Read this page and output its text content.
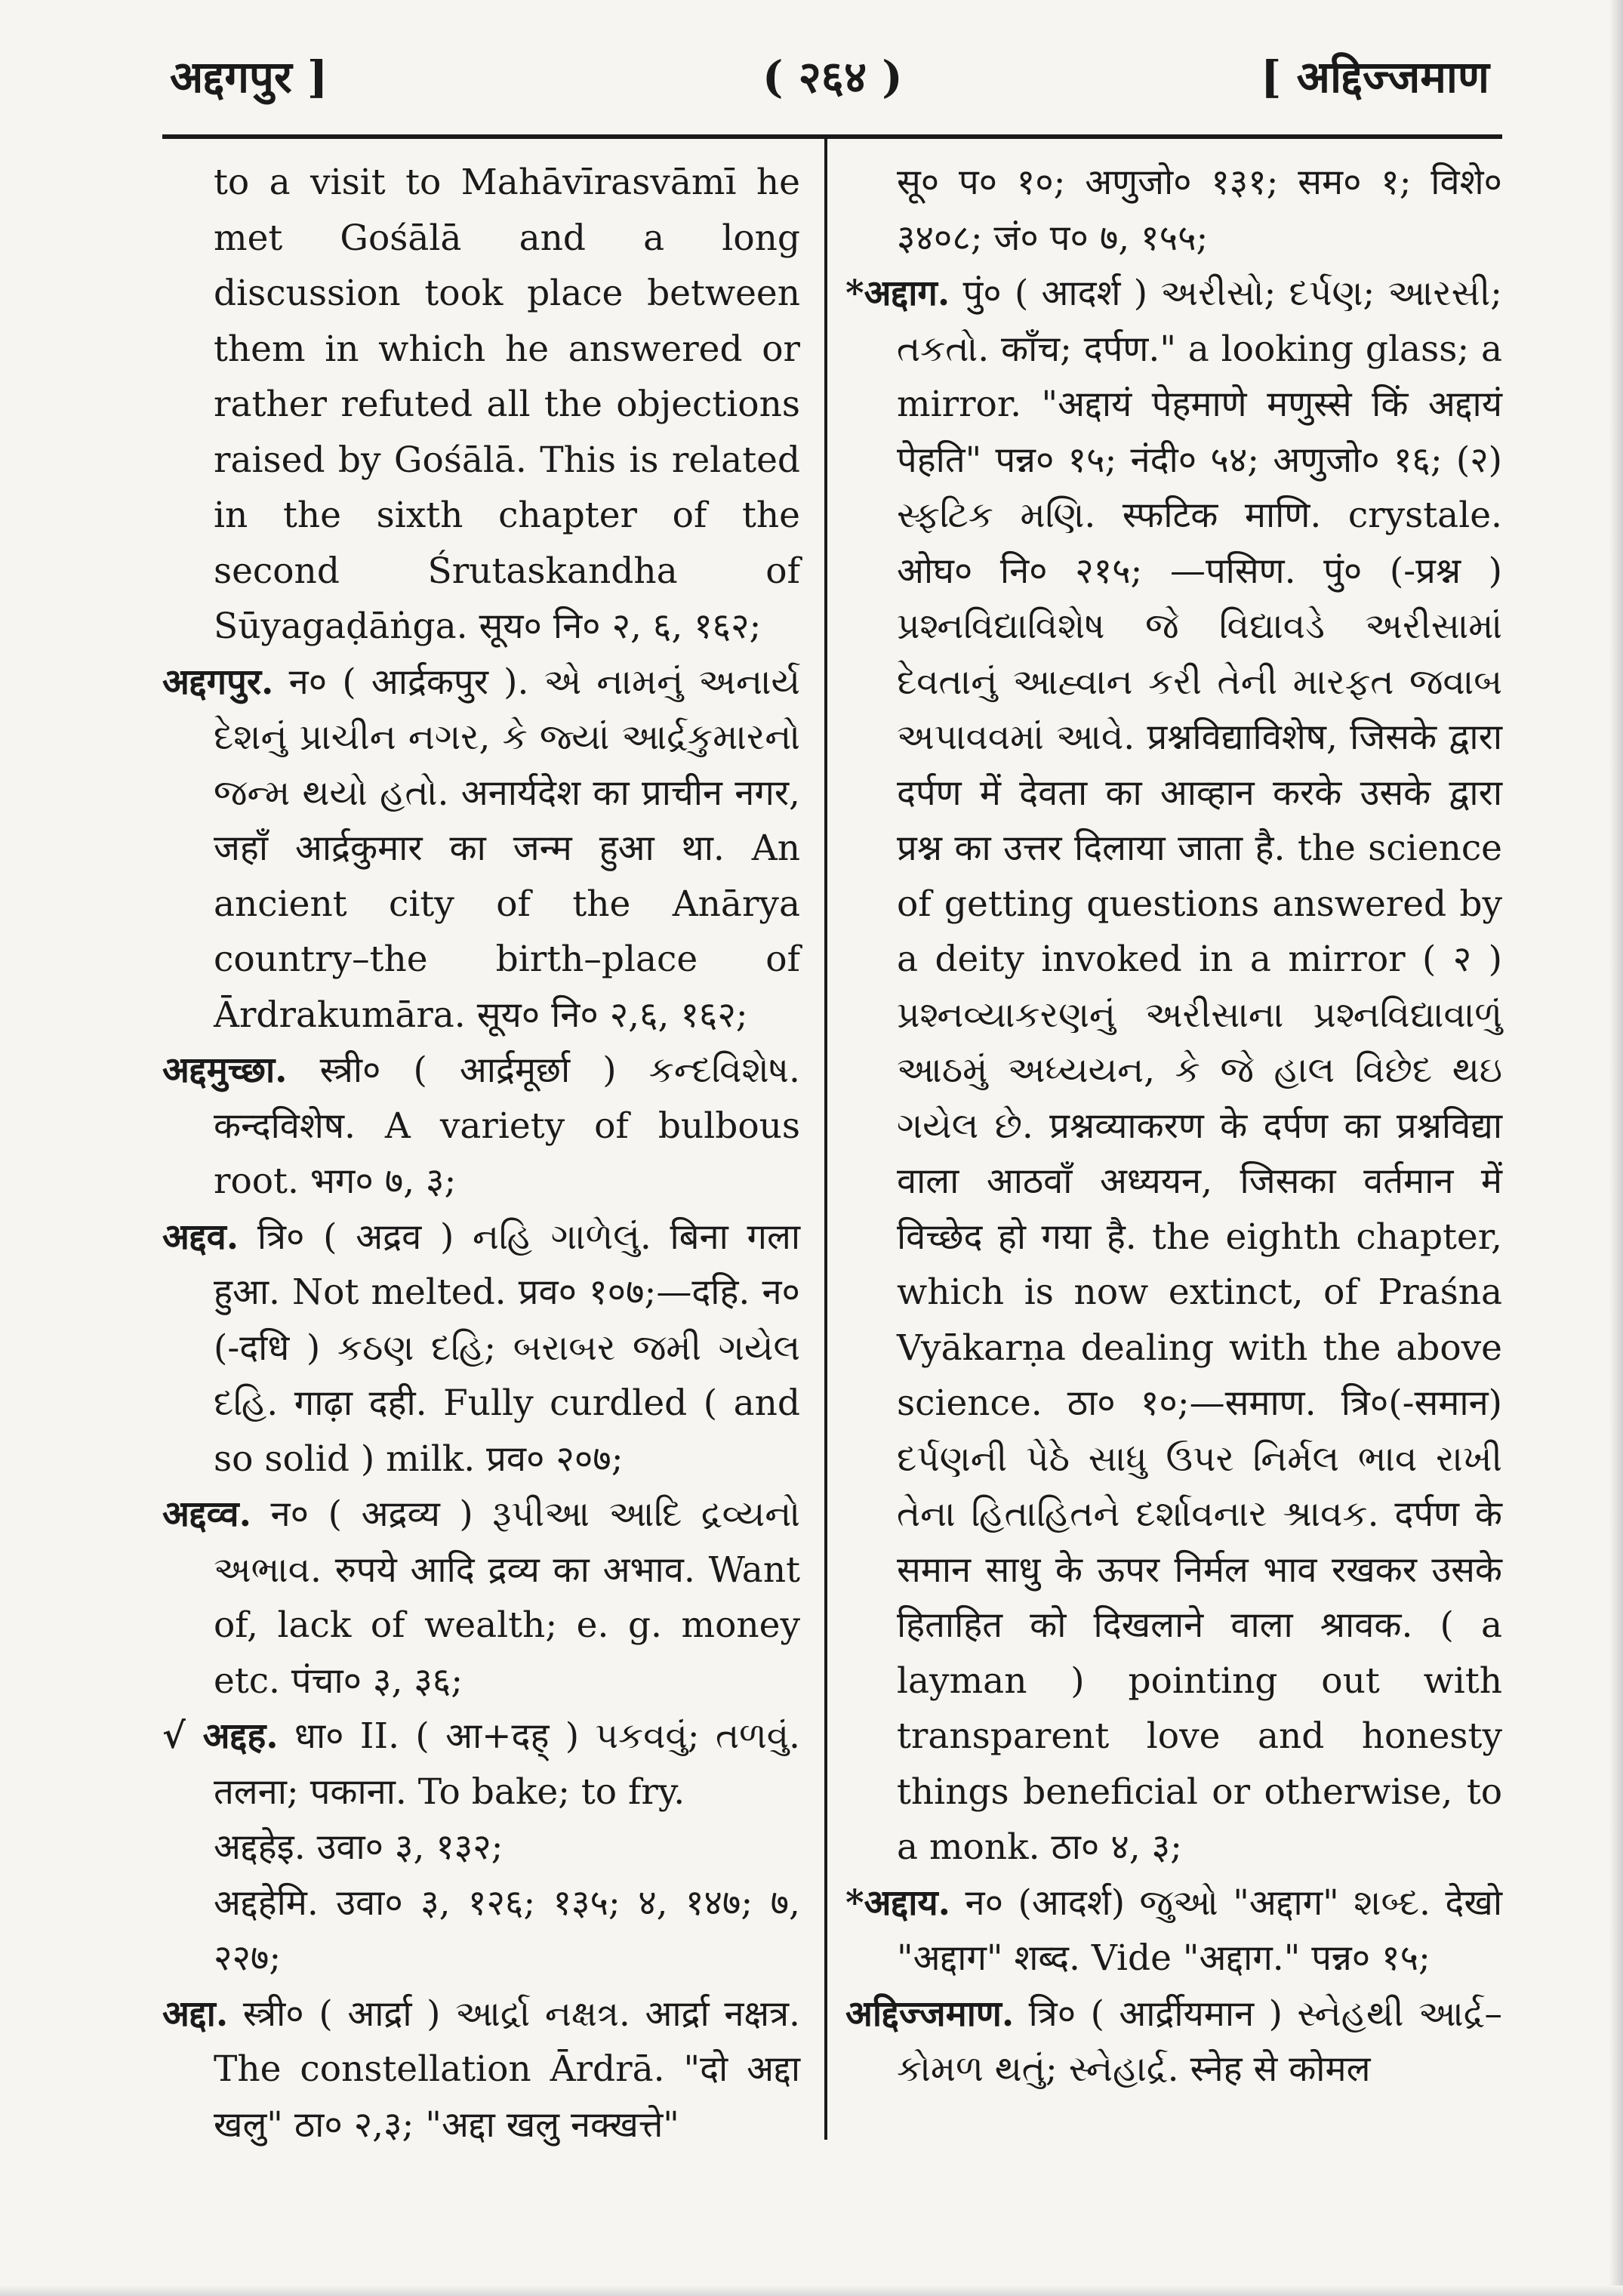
अद्दगपुर ]	( २६४ )	[ अद्दिज्जमाण

to a visit to Mahāvīrasvāmī he met Gośālā and a long discussion took place between them in which he answered or rather refuted all the objections raised by Gośālā. This is related in the sixth chapter of the second Śrutaskandha of Sūyagaḍāṅga. सूय० नि० २, ६, १६२;

अद्दगपुर. न० ( आर्द्रकपुर ). એ નામનું અનાર્ય દેશનું પ્રાચીન નગર, કે જ્યાં આર્દ્રકુમારનો જન્મ થયો હતો. अनार्यदेश का प्राचीन नगर, जहाँ आर्द्रकुमार का जन्म हुआ था. An ancient city of the Anārya country–the birth–place of Ārdrakumāra. सूय० नि० २,६, १६२;

अद्दमुच्छा. स्त्री० ( आर्द्रमूर्छा ) કન્દવિશેષ. कन्दविशेष. A variety of bulbous root. भग० ७, ३;

अद्दव. त्रि० ( अद्रव ) નહિ ગાળેલું. बिना गला हुआ. Not melted. प्रव० १०७;—दहि. न० (-दधि ) કઠણ દહિ; બરાબર જમી ગયેલ દહિ. गाढ़ा दही. Fully curdled ( and so solid ) milk. प्रव० २०७;

अद्दव्व. न० ( अद्रव्य ) રૂપીઆ આદિ દ્રવ્યનો અભાવ. रुपये आदि द्रव्य का अभाव. Want of, lack of wealth; e. g. money etc. पंचा० ३, ३६;

√ अद्दह. धा० II. ( आ+दह् ) પકવવું; તળવું. तलना; पकाना. To bake; to fry.

अद्दहेइ. उवा० ३, १३२;

अद्दहेमि. उवा० ३, १२६; १३५; ४, १४७; ७, २२७;

अद्दा. स्त्री० ( आर्द्रा ) આર્દ્રા નક્ષત્ર. आर्द्रा नक्षत्र. The constellation Ārdrā. "दो अद्दा खलु" ठा० २,३; "अद्दा खलु नक्खत्ते"

सू० प० १०; अणुजो० १३१; सम० १; विशे० ३४०८; जं० प० ७, १५५;

*अद्दाग. पुं० ( आदर्श ) અરીસો; દર્પણ; આરસી; તકતો. काँच; दर्पण." a looking glass; a mirror. "अद्दायं पेहमाणे मणुस्से किं अद्दायं पेहति" पन्न० १५; नंदी० ५४; अणुजो० १६; (२) સ્ફટિક મણિ. स्फटिक माणि. crystale. ओघ० नि० २१५; —पसिण. पुं० (-प्रश्न ) પ્રશ્નવિદ્યાવિશેષ જે વિદ્યાવડે અરીસામાં દેવતાનું આહ્વાન કરી તેની મારફત જવાબ અપાવવમાં આવે. प्रश्नविद्याविशेष, जिसके द्वारा दर्पण में देवता का आव्हान करके उसके द्वारा प्रश्न का उत्तर दिलाया जाता है. the science of getting questions answered by a deity invoked in a mirror ( २ ) પ્રશ્નવ્યાકરણનું અરીસાના પ્રશ્નવિદ્યાવાળું આઠમું અધ્યયન, કે જે હાલ વિછેદ થઇ ગયેલ છે. प्रश्नव्याकरण के दर्पण का प्रश्नविद्या वाला आठवाँ अध्ययन, जिसका वर्तमान में विच्छेद हो गया है. the eighth chapter, which is now extinct, of Praśna Vyākarṇa dealing with the above science. ठा० १०;—समाण. त्रि०(-समान) દર્પણની પેઠે સાધુ ઉપર નિર્મલ ભાવ રાખી તેના હિતાહિતને દર્શાવનાર શ્રાવક. दर्पण के समान साधु के ऊपर निर्मल भाव रखकर उसके हिताहित को दिखलाने वाला श्रावक. ( a layman ) pointing out with transparent love and honesty things beneficial or otherwise, to a monk. ठा० ४, ३;

*अद्दाय. न० (आदर्श) જુઓ "अद्दाग" શબ્દ. देखो "अद्दाग" शब्द. Vide "अद्दाग." पन्न० १५;

अद्दिज्जमाण. त्रि० ( आर्द्रीयमान ) સ્નેહથી આર્દ્ર–કોમળ થતું; સ્નેહાર્દ્ર. स्नेह से कोमल
